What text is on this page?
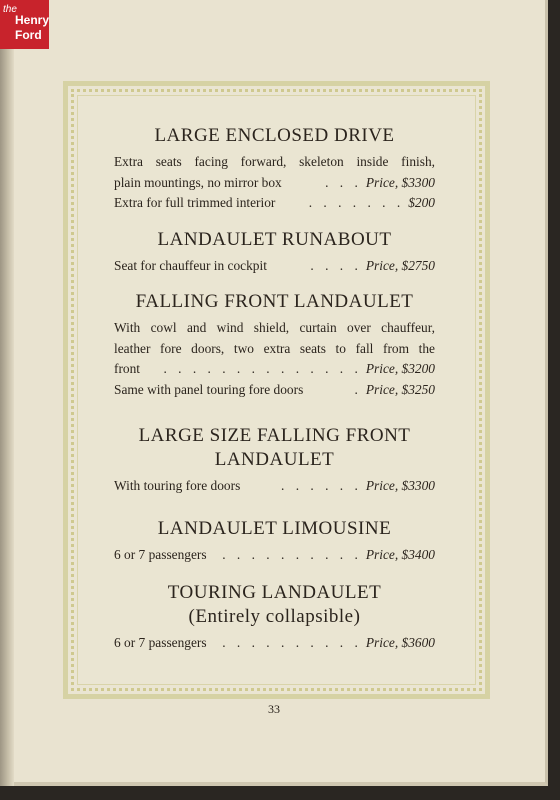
LARGE ENCLOSED DRIVE
Extra seats facing forward, skeleton inside finish,
plain mountings, no mirror box	. . . Price, $3300
Extra for full trimmed interior	. . . . . . . $200
LANDAULET RUNABOUT
Seat for chauffeur in cockpit	. . . . Price, $2750
FALLING FRONT LANDAULET
With cowl and wind shield, curtain over chauffeur,
leather fore doors, two extra seats to fall from the
front	. . . . . . . . . . . . . . Price, $3200
Same with panel touring fore doors	. Price, $3250
LARGE SIZE FALLING FRONT
LANDAULET
With touring fore doors	. . . . . . Price, $3300
LANDAULET LIMOUSINE
6 or 7 passengers	. . . . . . . . . . Price, $3400
TOURING LANDAULET
(Entirely collapsible)
6 or 7 passengers	. . . . . . . . . . Price, $3600
33
the
Henry
Ford
